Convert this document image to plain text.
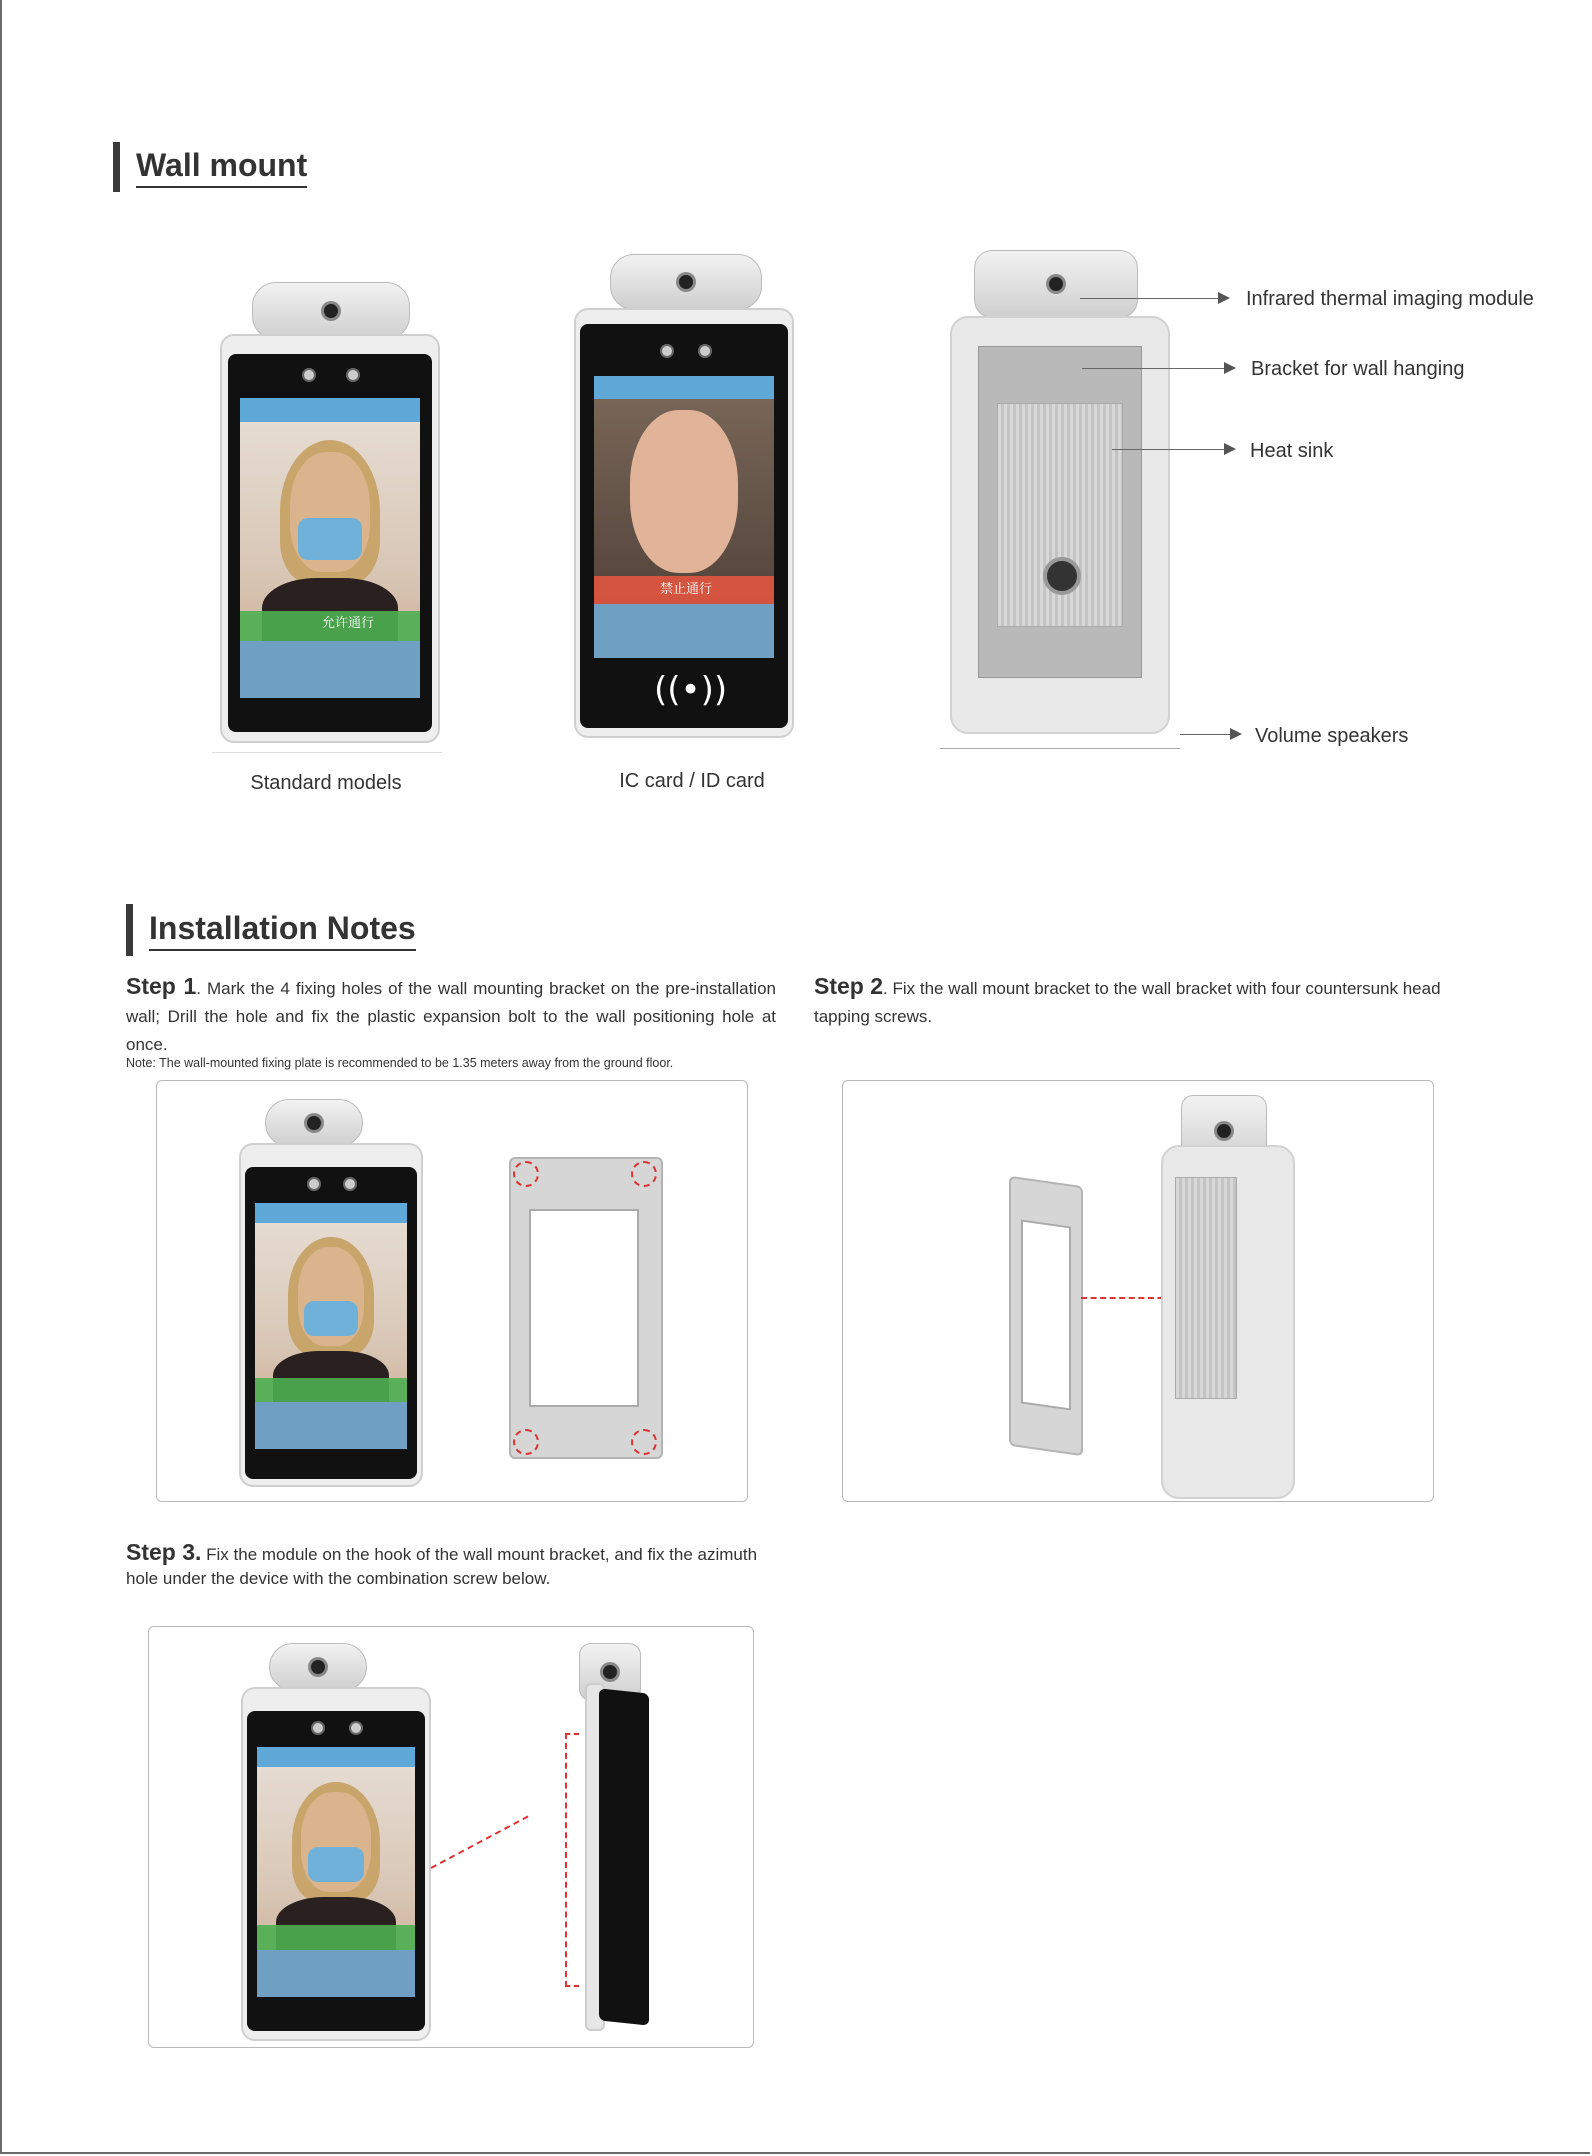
Wall mount
允许通行
Standard models
禁止通行
((•))
IC card / ID card
Infrared thermal imaging module
Bracket for wall hanging
Heat sink
Volume speakers
Installation Notes
Step 1. Mark the 4 fixing holes of the wall mounting bracket on the pre-installation wall; Drill the hole and fix the plastic expansion bolt to the wall positioning hole at once.
Note: The wall-mounted fixing plate is recommended to be 1.35 meters away from the ground floor.
Step 2. Fix the wall mount bracket to the wall bracket with four countersunk head tapping screws.
Step 3. Fix the module on the hook of the wall mount bracket, and fix the azimuth hole under the device with the combination screw below.
